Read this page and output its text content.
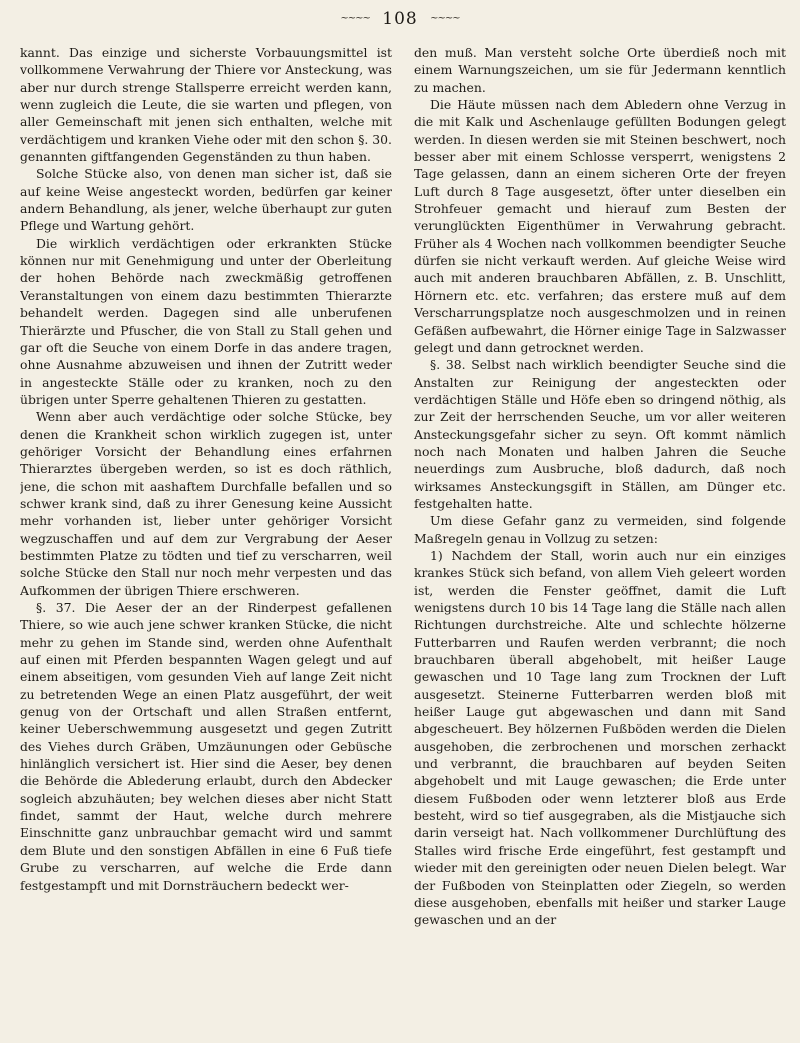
~~~~ 108 ~~~~

kannt. Das einzige und sicherste Vorbauungsmittel ist vollkommene Verwahrung der Thiere vor Ansteckung, was aber nur durch strenge Stallsperre erreicht werden kann, wenn zugleich die Leute, die sie warten und pflegen, von aller Gemeinschaft mit jenen sich enthalten, welche mit verdächtigem und kranken Viehe oder mit den schon §. 30. genannten giftfangenden Gegenständen zu thun haben.

Solche Stücke also, von denen man sicher ist, daß sie auf keine Weise angesteckt worden, bedürfen gar keiner andern Behandlung, als jener, welche überhaupt zur guten Pflege und Wartung gehört.

Die wirklich verdächtigen oder erkrankten Stücke können nur mit Genehmigung und unter der Oberleitung der hohen Behörde nach zweckmäßig getroffenen Veranstaltungen von einem dazu bestimmten Thierarzte behandelt werden. Dagegen sind alle unberufenen Thierärzte und Pfuscher, die von Stall zu Stall gehen und gar oft die Seuche von einem Dorfe in das andere tragen, ohne Ausnahme abzuweisen und ihnen der Zutritt weder in angesteckte Ställe oder zu kranken, noch zu den übrigen unter Sperre gehaltenen Thieren zu gestatten.

Wenn aber auch verdächtige oder solche Stücke, bey denen die Krankheit schon wirklich zugegen ist, unter gehöriger Vorsicht der Behandlung eines erfahrnen Thierarztes übergeben werden, so ist es doch räthlich, jene, die schon mit aashaftem Durchfalle befallen und so schwer krank sind, daß zu ihrer Genesung keine Aussicht mehr vorhanden ist, lieber unter gehöriger Vorsicht wegzuschaffen und auf dem zur Vergrabung der Aeser bestimmten Platze zu tödten und tief zu verscharren, weil solche Stücke den Stall nur noch mehr verpesten und das Aufkommen der übrigen Thiere erschweren.

§. 37. Die Aeser der an der Rinderpest gefallenen Thiere, so wie auch jene schwer kranken Stücke, die nicht mehr zu gehen im Stande sind, werden ohne Aufenthalt auf einen mit Pferden bespannten Wagen gelegt und auf einem abseitigen, vom gesunden Vieh auf lange Zeit nicht zu betretenden Wege an einen Platz ausgeführt, der weit genug von der Ortschaft und allen Straßen entfernt, keiner Ueberschwemmung ausgesetzt und gegen Zutritt des Viehes durch Gräben, Umzäunungen oder Gebüsche hinlänglich versichert ist. Hier sind die Aeser, bey denen die Behörde die Ablederung erlaubt, durch den Abdecker sogleich abzuhäuten; bey welchen dieses aber nicht Statt findet, sammt der Haut, welche durch mehrere Einschnitte ganz unbrauchbar gemacht wird und sammt dem Blute und den sonstigen Abfällen in eine 6 Fuß tiefe Grube zu verscharren, auf welche die Erde dann festgestampft und mit Dornsträuchern bedeckt wer-

den muß. Man versteht solche Orte überdieß noch mit einem Warnungszeichen, um sie für Jedermann kenntlich zu machen.

Die Häute müssen nach dem Abledern ohne Verzug in die mit Kalk und Aschenlauge gefüllten Bodungen gelegt werden. In diesen werden sie mit Steinen beschwert, noch besser aber mit einem Schlosse versperrt, wenigstens 2 Tage gelassen, dann an einem sicheren Orte der freyen Luft durch 8 Tage ausgesetzt, öfter unter dieselben ein Strohfeuer gemacht und hierauf zum Besten der verunglückten Eigenthümer in Verwahrung gebracht. Früher als 4 Wochen nach vollkommen beendigter Seuche dürfen sie nicht verkauft werden. Auf gleiche Weise wird auch mit anderen brauchbaren Abfällen, z. B. Unschlitt, Hörnern etc. etc. verfahren; das erstere muß auf dem Verscharrungsplatze noch ausgeschmolzen und in reinen Gefäßen aufbewahrt, die Hörner einige Tage in Salzwasser gelegt und dann getrocknet werden.

§. 38. Selbst nach wirklich beendigter Seuche sind die Anstalten zur Reinigung der angesteckten oder verdächtigen Ställe und Höfe eben so dringend nöthig, als zur Zeit der herrschenden Seuche, um vor aller weiteren Ansteckungsgefahr sicher zu seyn. Oft kommt nämlich noch nach Monaten und halben Jahren die Seuche neuerdings zum Ausbruche, bloß dadurch, daß noch wirksames Ansteckungsgift in Ställen, am Dünger etc. festgehalten hatte.

Um diese Gefahr ganz zu vermeiden, sind folgende Maßregeln genau in Vollzug zu setzen:

1) Nachdem der Stall, worin auch nur ein einziges krankes Stück sich befand, von allem Vieh geleert worden ist, werden die Fenster geöffnet, damit die Luft wenigstens durch 10 bis 14 Tage lang die Ställe nach allen Richtungen durchstreiche. Alte und schlechte hölzerne Futterbarren und Raufen werden verbrannt; die noch brauchbaren überall abgehobelt, mit heißer Lauge gewaschen und 10 Tage lang zum Trocknen der Luft ausgesetzt. Steinerne Futterbarren werden bloß mit heißer Lauge gut abgewaschen und dann mit Sand abgescheuert. Bey hölzernen Fußböden werden die Dielen ausgehoben, die zerbrochenen und morschen zerhackt und verbrannt, die brauchbaren auf beyden Seiten abgehobelt und mit Lauge gewaschen; die Erde unter diesem Fußboden oder wenn letzterer bloß aus Erde besteht, wird so tief ausgegraben, als die Mistjauche sich darin verseigt hat. Nach vollkommener Durchlüftung des Stalles wird frische Erde eingeführt, fest gestampft und wieder mit den gereinigten oder neuen Dielen belegt. War der Fußboden von Steinplatten oder Ziegeln, so werden diese ausgehoben, ebenfalls mit heißer und starker Lauge gewaschen und an der
